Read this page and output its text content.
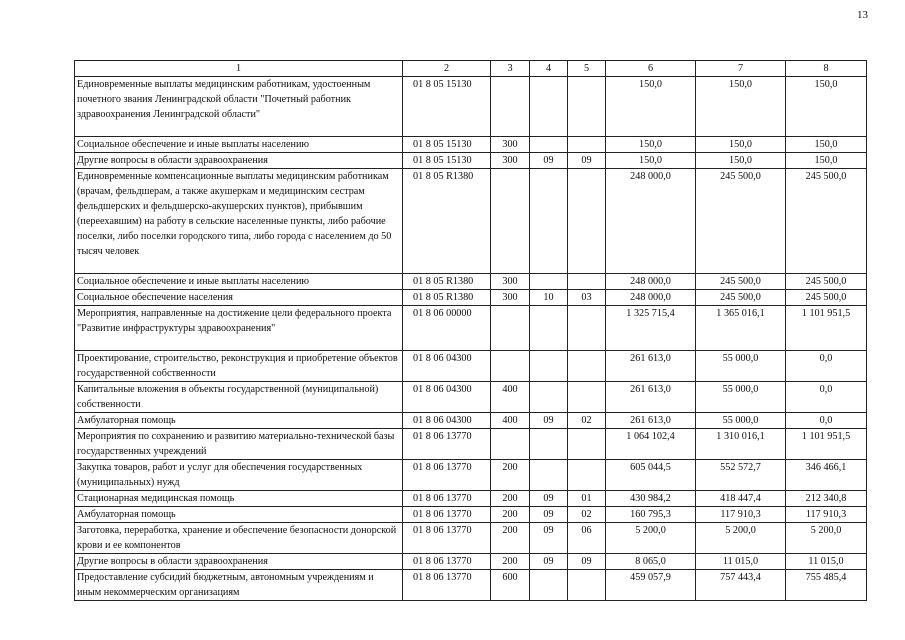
13
1	2	3	4	5	6	7	8
Единовременные выплаты медицинским работникам, удостоенным почетного звания Ленинградской области "Почетный работник здравоохранения Ленинградской области"	01 8 05 15130				150,0	150,0	150,0
Социальное обеспечение и иные выплаты населению	01 8 05 15130	300			150,0	150,0	150,0
Другие вопросы в области здравоохранения	01 8 05 15130	300	09	09	150,0	150,0	150,0
Единовременные компенсационные выплаты медицинским работникам (врачам, фельдшерам, а также акушеркам и медицинским сестрам фельдшерских и фельдшерско-акушерских пунктов), прибывшим (переехавшим) на работу в сельские населенные пункты, либо рабочие поселки, либо поселки городского типа, либо города с населением до 50 тысяч человек	01 8 05 R1380				248 000,0	245 500,0	245 500,0
Социальное обеспечение и иные выплаты населению	01 8 05 R1380	300			248 000,0	245 500,0	245 500,0
Социальное обеспечение населения	01 8 05 R1380	300	10	03	248 000,0	245 500,0	245 500,0
Мероприятия, направленные на достижение цели федерального проекта "Развитие инфраструктуры здравоохранения"	01 8 06 00000				1 325 715,4	1 365 016,1	1 101 951,5
Проектирование, строительство, реконструкция и приобретение объектов государственной собственности	01 8 06 04300				261 613,0	55 000,0	0,0
Капитальные вложения в объекты государственной (муниципальной) собственности	01 8 06 04300	400			261 613,0	55 000,0	0,0
Амбулаторная помощь	01 8 06 04300	400	09	02	261 613,0	55 000,0	0,0
Мероприятия по сохранению и развитию материально-технической базы государственных учреждений	01 8 06 13770				1 064 102,4	1 310 016,1	1 101 951,5
Закупка товаров, работ и услуг для обеспечения государственных (муниципальных) нужд	01 8 06 13770	200			605 044,5	552 572,7	346 466,1
Стационарная медицинская помощь	01 8 06 13770	200	09	01	430 984,2	418 447,4	212 340,8
Амбулаторная помощь	01 8 06 13770	200	09	02	160 795,3	117 910,3	117 910,3
Заготовка, переработка, хранение и обеспечение безопасности донорской крови и ее компонентов	01 8 06 13770	200	09	06	5 200,0	5 200,0	5 200,0
Другие вопросы в области здравоохранения	01 8 06 13770	200	09	09	8 065,0	11 015,0	11 015,0
Предоставление субсидий бюджетным, автономным учреждениям и иным некоммерческим организациям	01 8 06 13770	600			459 057,9	757 443,4	755 485,4
